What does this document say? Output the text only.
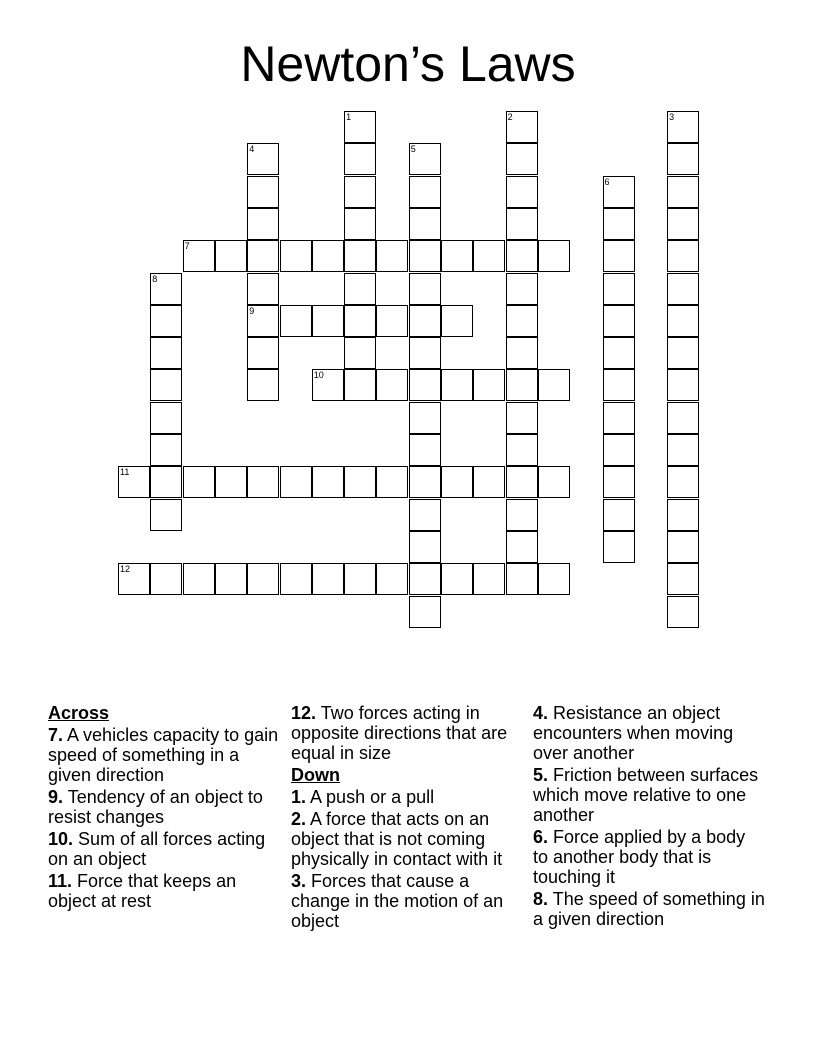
Newton’s Laws
1	2	3
4
9
5
6
7
8
10
11
12
Across
7. A vehicles capacity to gain speed of something in a given direction
9. Tendency of an object to resist changes
10. Sum of all forces acting on an object
11. Force that keeps an object at rest
12. Two forces acting in opposite directions that are equal in size
Down
1. A push or a pull
2. A force that acts on an object that is not coming physically in contact with it
3. Forces that cause a change in the motion of an object
4. Resistance an object encounters when moving over another
5. Friction between surfaces which move relative to one another
6. Force applied by a body to another body that is touching it
8. The speed of something in a given direction
